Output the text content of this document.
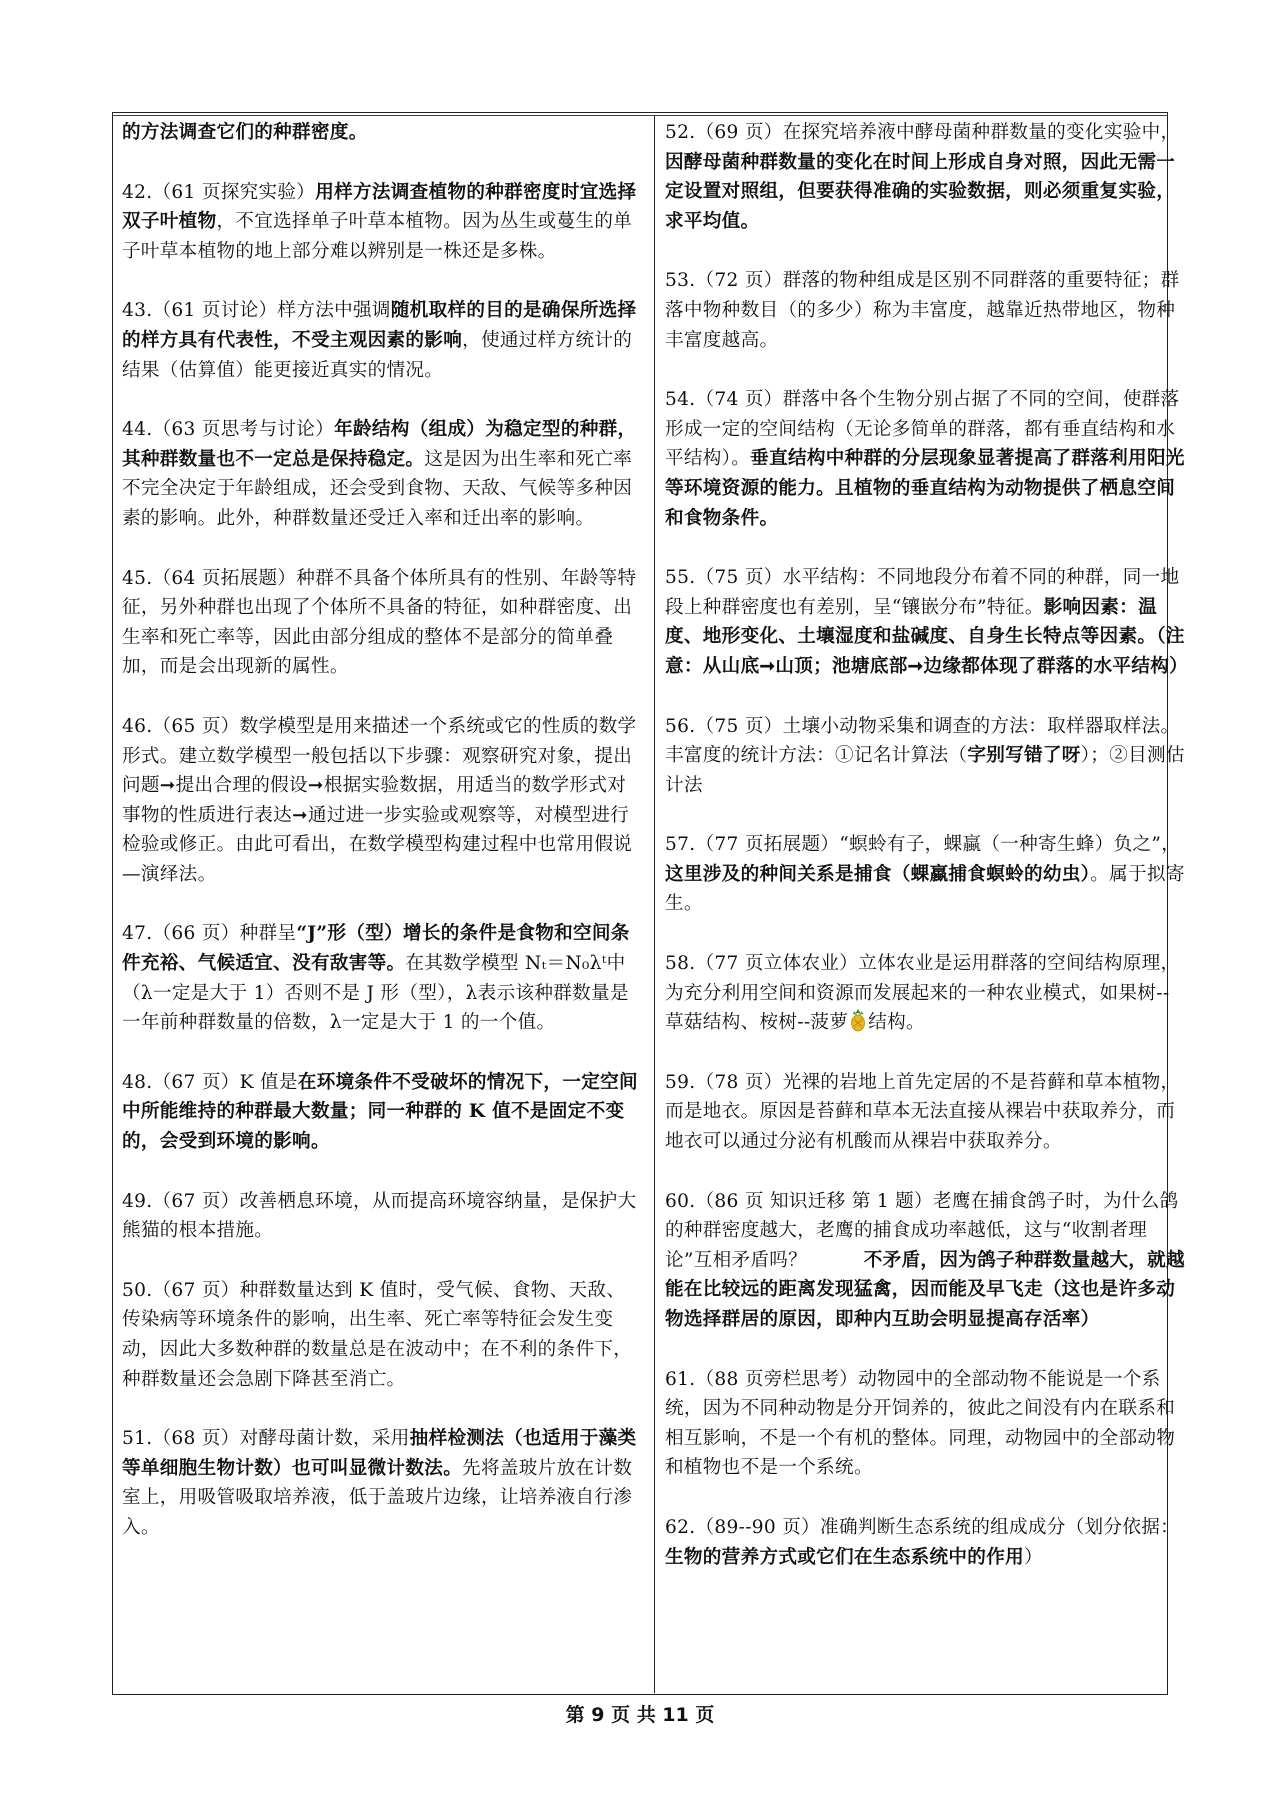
的方法调查它们的种群密度。
42.（61 页探究实验）用样方法调查植物的种群密度时宜选择双子叶植物，不宜选择单子叶草本植物。因为丛生或蔓生的单子叶草本植物的地上部分难以辨别是一株还是多株。
43.（61 页讨论）样方法中强调随机取样的目的是确保所选择的样方具有代表性，不受主观因素的影响，使通过样方统计的结果（估算值）能更接近真实的情况。
44.（63 页思考与讨论）年龄结构（组成）为稳定型的种群，其种群数量也不一定总是保持稳定。这是因为出生率和死亡率不完全决定于年龄组成，还会受到食物、天敌、气候等多种因素的影响。此外，种群数量还受迁入率和迁出率的影响。
45.（64 页拓展题）种群不具备个体所具有的性别、年龄等特征，另外种群也出现了个体所不具备的特征，如种群密度、出生率和死亡率等，因此由部分组成的整体不是部分的简单叠加，而是会出现新的属性。
46.（65 页）数学模型是用来描述一个系统或它的性质的数学形式。建立数学模型一般包括以下步骤：观察研究对象，提出问题➞提出合理的假设➞根据实验数据，用适当的数学形式对事物的性质进行表达➞通过进一步实验或观察等，对模型进行检验或修正。由此可看出，在数学模型构建过程中也常用假说—演绎法。
47.（66 页）种群呈“J”形（型）增长的条件是食物和空间条件充裕、气候适宜、没有敌害等。在其数学模型 Nₜ＝N₀λᵗ中（λ一定是大于 1）否则不是 J 形（型），λ表示该种群数量是一年前种群数量的倍数，λ一定是大于 1 的一个值。
48.（67 页）K 值是在环境条件不受破坏的情况下，一定空间中所能维持的种群最大数量；同一种群的 K 值不是固定不变的，会受到环境的影响。
49.（67 页）改善栖息环境，从而提高环境容纳量，是保护大熊猫的根本措施。
50.（67 页）种群数量达到 K 值时，受气候、食物、天敌、传染病等环境条件的影响，出生率、死亡率等特征会发生变动，因此大多数种群的数量总是在波动中；在不利的条件下，种群数量还会急剧下降甚至消亡。
51.（68 页）对酵母菌计数，采用抽样检测法（也适用于藻类等单细胞生物计数）也可叫显微计数法。先将盖玻片放在计数室上，用吸管吸取培养液，低于盖玻片边缘，让培养液自行渗入。
52.（69 页）在探究培养液中酵母菌种群数量的变化实验中，因酵母菌种群数量的变化在时间上形成自身对照，因此无需一定设置对照组，但要获得准确的实验数据，则必须重复实验，求平均值。
53.（72 页）群落的物种组成是区别不同群落的重要特征；群落中物种数目（的多少）称为丰富度，越靠近热带地区，物种丰富度越高。
54.（74 页）群落中各个生物分别占据了不同的空间，使群落形成一定的空间结构（无论多简单的群落，都有垂直结构和水平结构）。垂直结构中种群的分层现象显著提高了群落利用阳光等环境资源的能力。且植物的垂直结构为动物提供了栖息空间和食物条件。
55.（75 页）水平结构：不同地段分布着不同的种群，同一地段上种群密度也有差别，呈“镶嵌分布”特征。影响因素：温度、地形变化、土壤湿度和盐碱度、自身生长特点等因素。（注意：从山底➞山顶；池塘底部➞边缘都体现了群落的水平结构）
56.（75 页）土壤小动物采集和调查的方法：取样器取样法。丰富度的统计方法：①记名计算法（字别写错了呀）；②目测估计法
57.（77 页拓展题）“螟蛉有子，蜾蠃（一种寄生蜂）负之”，这里涉及的种间关系是捕食（蜾蠃捕食螟蛉的幼虫）。属于拟寄生。
58.（77 页立体农业）立体农业是运用群落的空间结构原理，为充分利用空间和资源而发展起来的一种农业模式，如果树--草菇结构、桉树--菠萝 结构。
59.（78 页）光裸的岩地上首先定居的不是苔藓和草本植物，而是地衣。原因是苔藓和草本无法直接从裸岩中获取养分，而地衣可以通过分泌有机酸而从裸岩中获取养分。
60.（86 页 知识迁移 第 1 题）老鹰在捕食鸽子时，为什么鸽的种群密度越大，老鹰的捕食成功率越低，这与“收割者理论”互相矛盾吗？　　　不矛盾，因为鸽子种群数量越大，就越能在比较远的距离发现猛禽，因而能及早飞走（这也是许多动物选择群居的原因，即种内互助会明显提高存活率）
61.（88 页旁栏思考）动物园中的全部动物不能说是一个系统，因为不同种动物是分开饲养的，彼此之间没有内在联系和相互影响，不是一个有机的整体。同理，动物园中的全部动物和植物也不是一个系统。
62.（89--90 页）准确判断生态系统的组成成分（划分依据：生物的营养方式或它们在生态系统中的作用）
第 9 页 共 11 页
